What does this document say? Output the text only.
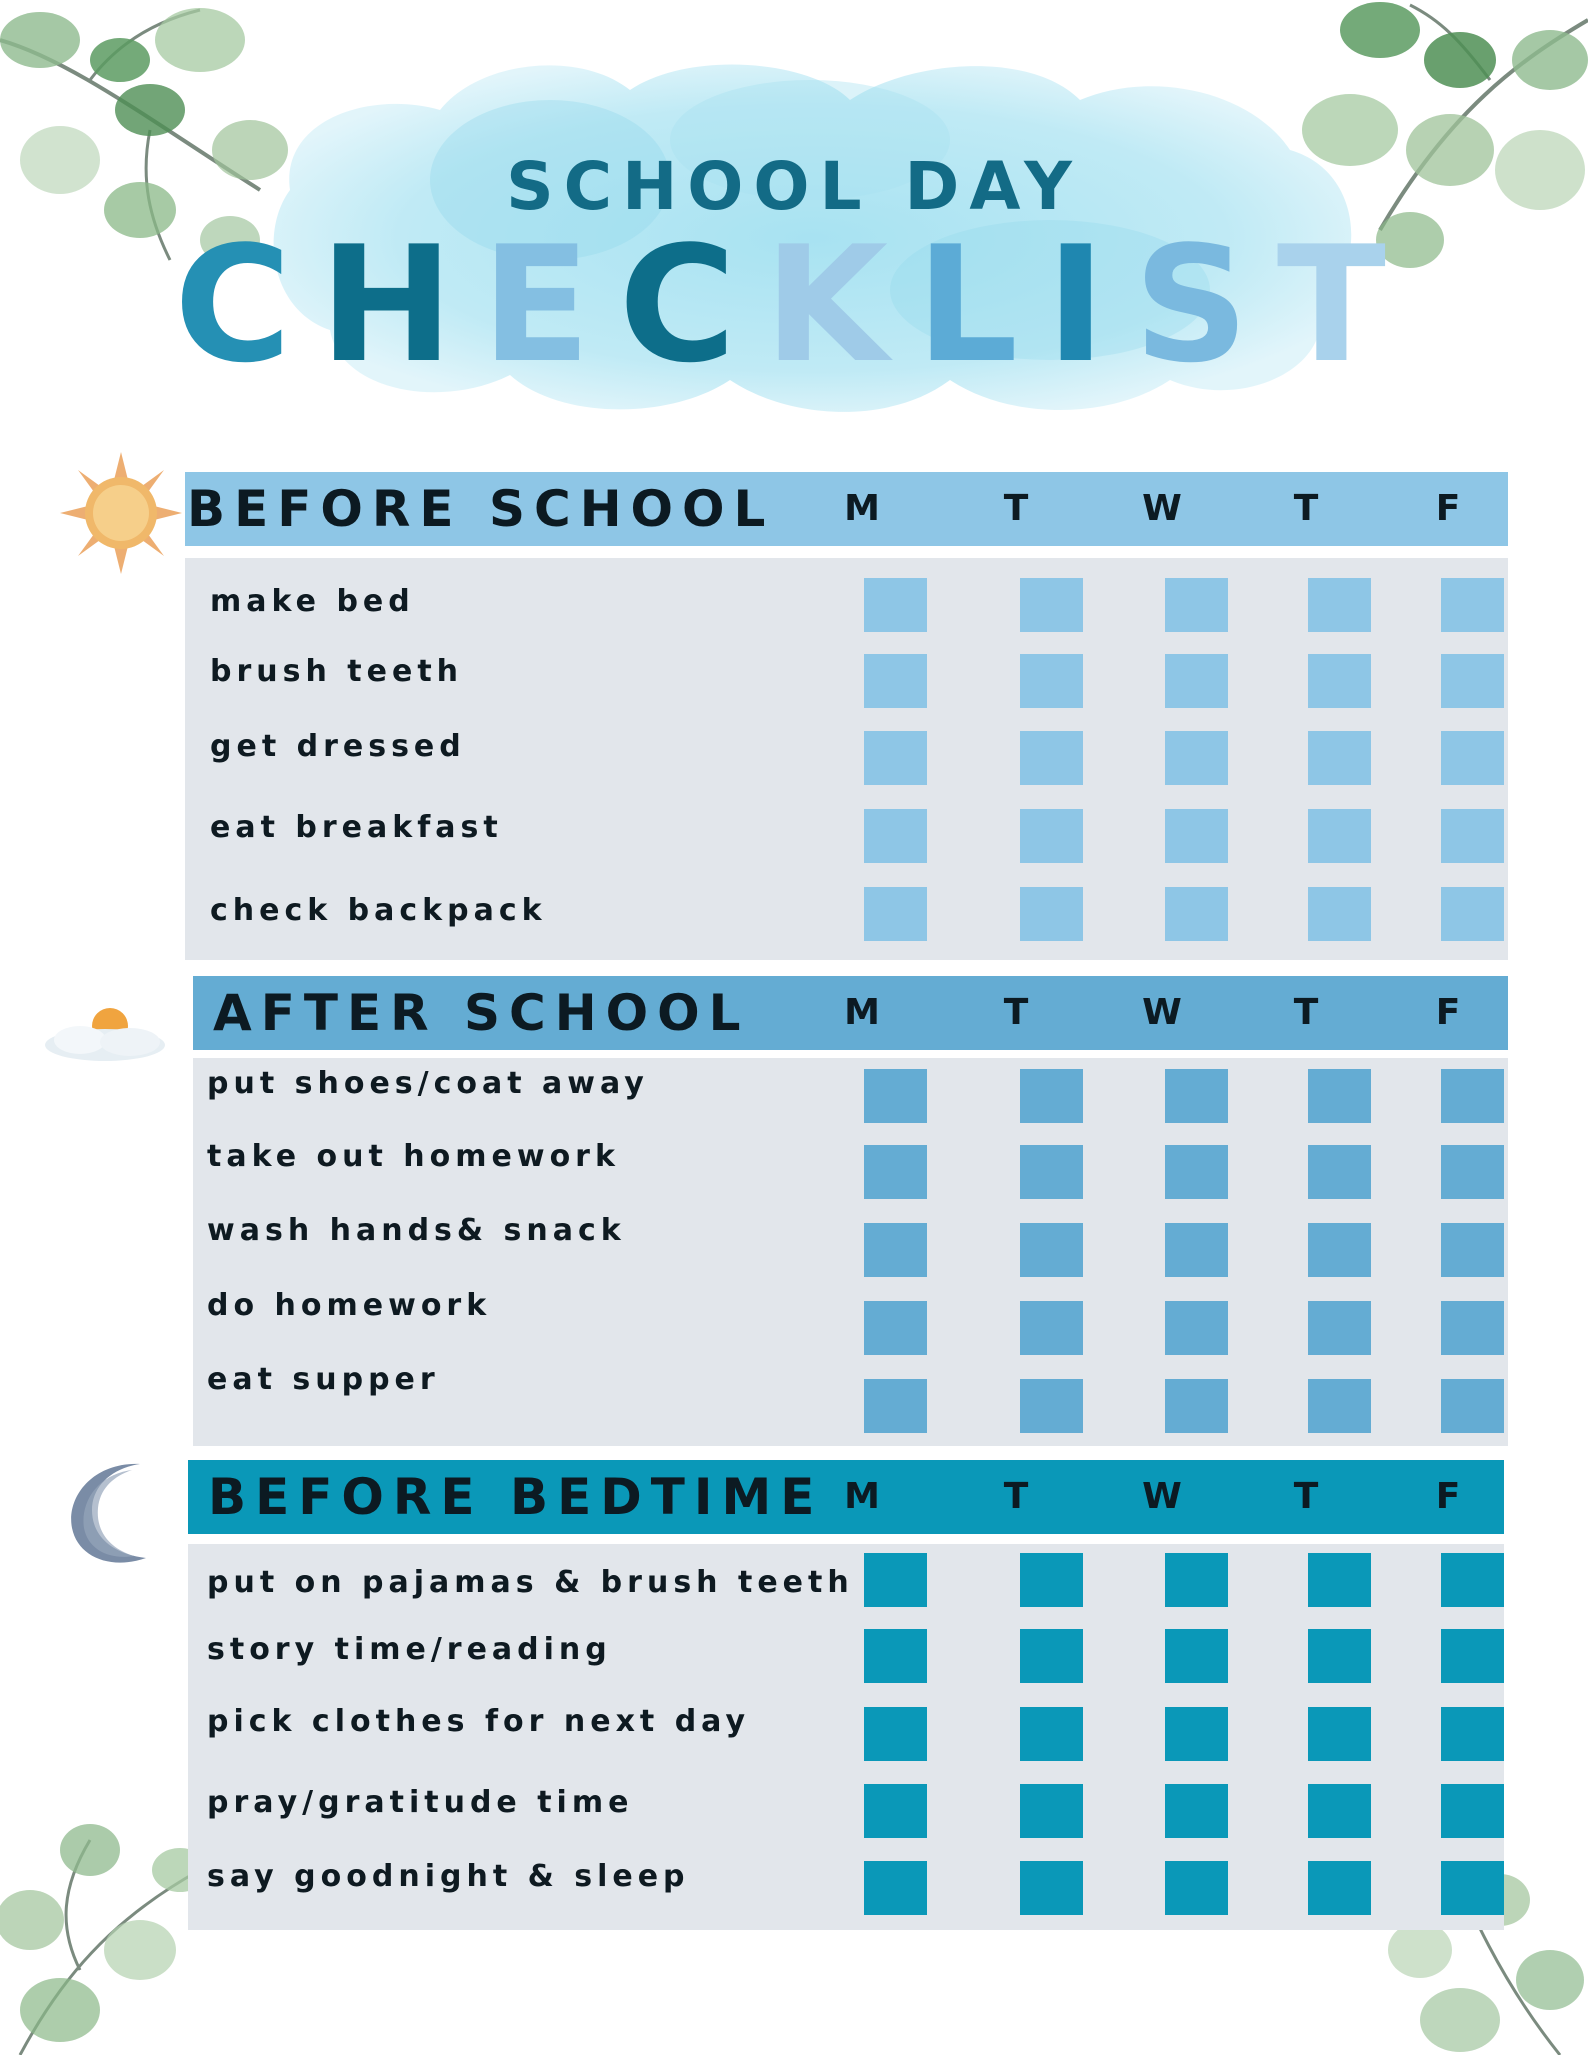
SCHOOL DAY
CHECKLIST
BEFORE SCHOOL M	T	W	T	F
make bed
brush teeth
get dressed
eat breakfast
check backpack
AFTER SCHOOL	M	T	W	T	F
put shoes/coat away
take out homework
wash hands& snack
do homework
eat supper
BEFORE BEDTIME M	T	W	T	F
put on pajamas & brush teeth
story time/reading
pick clothes for next day
pray/gratitude time
say goodnight & sleep
